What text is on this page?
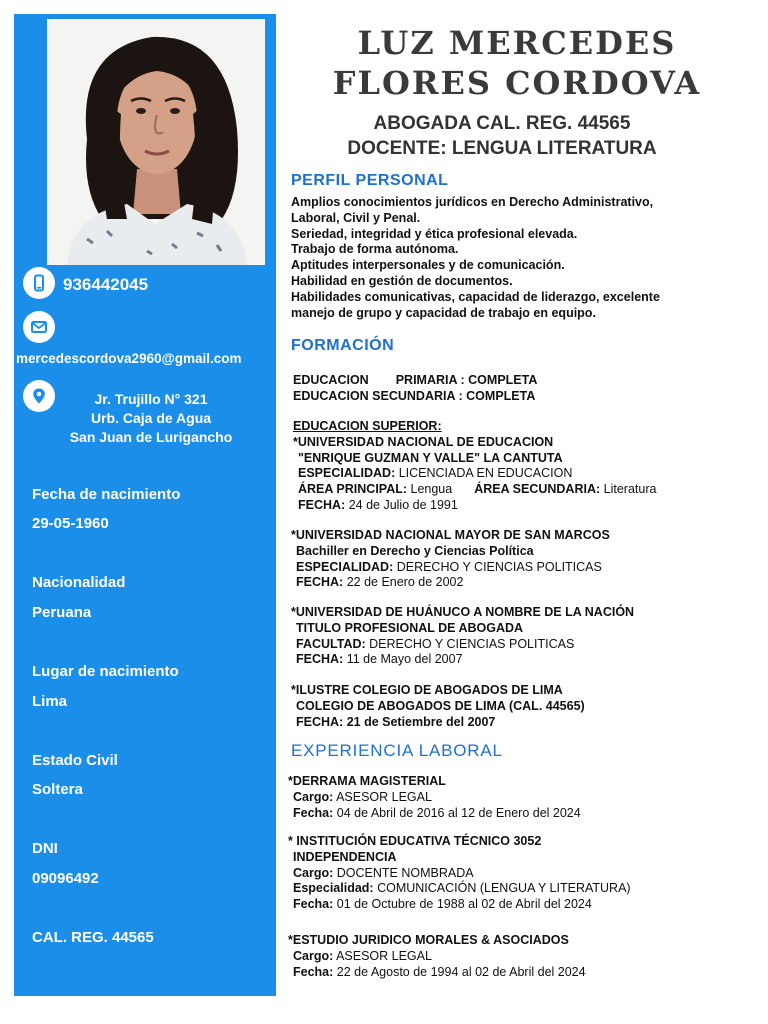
936442045
mercedescordova2960@gmail.com
Jr. Trujillo N° 321
Urb. Caja de Agua
San Juan de Lurigancho
Fecha de nacimiento
29-05-1960
Nacionalidad
Peruana
Lugar de nacimiento
Lima
Estado Civil
Soltera
DNI
09096492
CAL. REG. 44565
LUZ MERCEDES
FLORES CORDOVA
ABOGADA CAL. REG. 44565
DOCENTE: LENGUA LITERATURA
PERFIL PERSONAL
Amplios conocimientos jurídicos en Derecho Administrativo,
Laboral, Civil y Penal.
Seriedad, integridad y ética profesional elevada.
Trabajo de forma autónoma.
Aptitudes interpersonales y de comunicación.
Habilidad en gestión de documentos.
Habilidades comunicativas, capacidad de liderazgo, excelente
manejo de grupo y capacidad de trabajo en equipo.
FORMACIÓN
EDUCACION PRIMARIA : COMPLETA
EDUCACION SECUNDARIA : COMPLETA
EDUCACION SUPERIOR:
*UNIVERSIDAD NACIONAL DE EDUCACION
"ENRIQUE GUZMAN Y VALLE" LA CANTUTA
ESPECIALIDAD: LICENCIADA EN EDUCACION
ÁREA PRINCIPAL: Lengua ÁREA SECUNDARIA: Literatura
FECHA: 24 de Julio de 1991
*UNIVERSIDAD NACIONAL MAYOR DE SAN MARCOS
Bachiller en Derecho y Ciencias Política
ESPECIALIDAD: DERECHO Y CIENCIAS POLITICAS
FECHA: 22 de Enero de 2002
*UNIVERSIDAD DE HUÁNUCO A NOMBRE DE LA NACIÓN
TITULO PROFESIONAL DE ABOGADA
FACULTAD: DERECHO Y CIENCIAS POLITICAS
FECHA: 11 de Mayo del 2007
*ILUSTRE COLEGIO DE ABOGADOS DE LIMA
COLEGIO DE ABOGADOS DE LIMA (CAL. 44565)
FECHA: 21 de Setiembre del 2007
EXPERIENCIA LABORAL
*DERRAMA MAGISTERIAL
Cargo: ASESOR LEGAL
Fecha: 04 de Abril de 2016 al 12 de Enero del 2024
* INSTITUCIÓN EDUCATIVA TÉCNICO 3052
INDEPENDENCIA
Cargo: DOCENTE NOMBRADA
Especialidad: COMUNICACIÓN (LENGUA Y LITERATURA)
Fecha: 01 de Octubre de 1988 al 02 de Abril del 2024
*ESTUDIO JURIDICO MORALES & ASOCIADOS
Cargo: ASESOR LEGAL
Fecha: 22 de Agosto de 1994 al 02 de Abril del 2024
